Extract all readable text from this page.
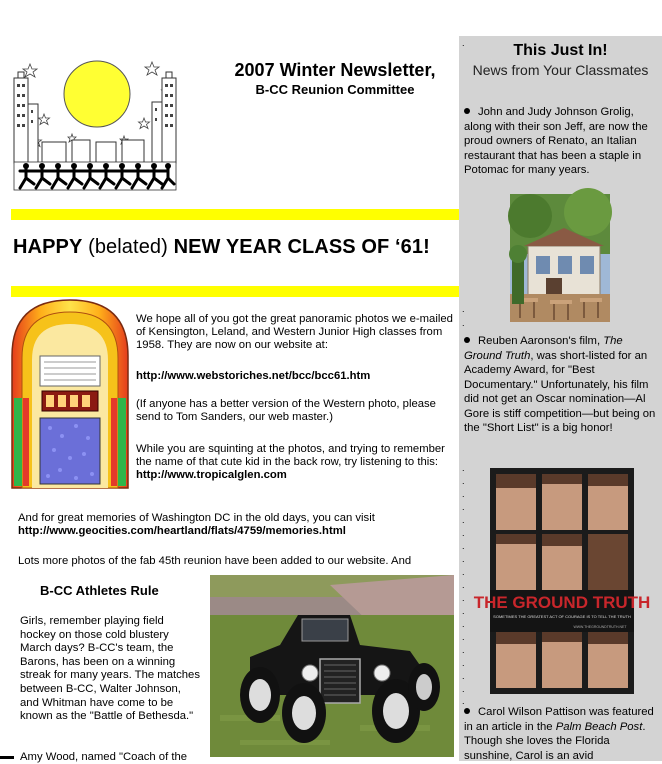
2007 Winter Newsletter,
B-CC Reunion Committee
HAPPY (belated) NEW YEAR CLASS OF ‘61!
We hope all of you got the great panoramic photos we e-mailed of Kensington, Leland, and Western Junior High classes from 1958. They are now on our website at:
http://www.webstoriches.net/bcc/bcc61.htm
(If anyone has a better version of the Western photo, please send to Tom Sanders, our web master.)
While you are squinting at the photos, and trying to remember the name of that cute kid in the back row, try listening to this: http://www.tropicalglen.com
And for great memories of Washington DC in the old days, you can visit
http://www.geocities.com/heartland/flats/4759/memories.html
Lots more photos of the fab 45th reunion have been added to our website. And
B-CC Athletes Rule
Girls, remember playing field hockey on those cold blustery March days? B-CC's team, the Barons, has been on a winning streak for many years. The matches between B-CC, Walter Johnson, and Whitman have come to be known as the "Battle of Bethesda."
Amy Wood, named "Coach of the
.	This Just In!
News from Your Classmates
John and Judy Johnson Grolig, along with their son Jeff, are now the proud owners of Renato, an Italian restaurant that has been a staple in Potomac for many years.
.
.
Reuben Aaronson's film, The Ground Truth, was short-listed for an Academy Award, for "Best Documentary." Unfortunately, his film did not get an Oscar nomination—Al Gore is stiff competition—but being on the "Short List" is a big honor!
.
.
.
.
.
.
.
.
.
.
.
.
.
.
.
.
.
.
THE GROUND TRUTH
SOMETIMES THE GREATEST ACT OF COURAGE IS TO TELL THE TRUTH
WWW.THEGROUNDTRUTH.NET
.
Carol Wilson Pattison was featured in an article in the Palm Beach Post. Though she loves the Florida sunshine, Carol is an avid
